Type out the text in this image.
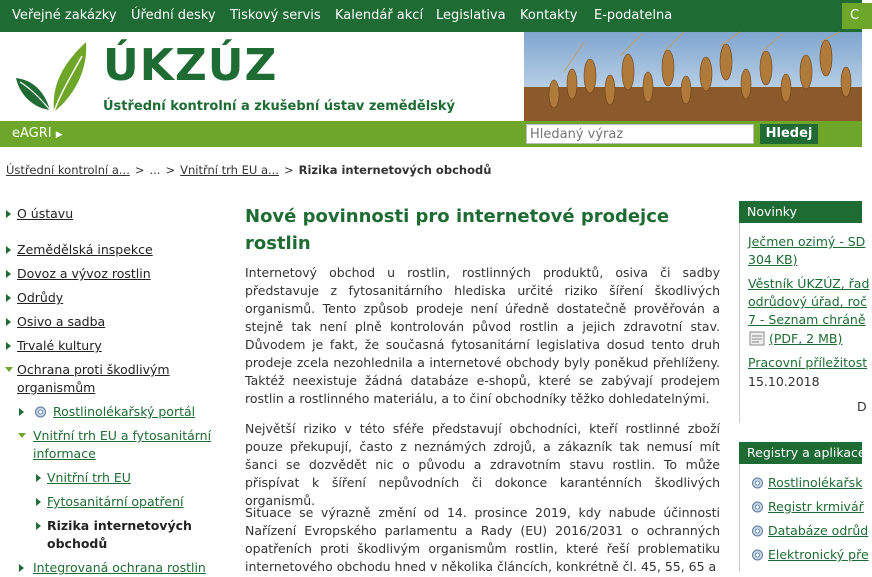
Veřejné zakázky Úřední desky Tiskový servis Kalendář akcí Legislativa Kontakty E-podatelna	C
ÚKZÚZ
Ústřední kontrolní a zkušební ústav zemědělský
eAGRI ▶
Podro
Hledaný výraz
Hledej
Ústřední kontrolní a... > ... > Vnitřní trh EU a... > Rizika internetových obchodů
O ústavu
Zemědělská inspekce
Dovoz a vývoz rostlin
Odrůdy
Osivo a sadba
Trvalé kultury
Ochrana proti škodlivým
organismům
Rostlinolékařský portál
Vnitřní trh EU a fytosanitární
informace
Vnitřní trh EU
Fytosanitární opatření
Rizika internetových
obchodů
Integrovaná ochrana rostlin
Nové povinnosti pro internetové prodejce
rostlin

Internetový obchod u rostlin, rostlinných produktů, osiva či sadby představuje z fytosanitárního hlediska určité riziko šíření škodlivých organismů. Tento způsob prodeje není úředně dostatečně prověřován a stejně tak není plně kontrolován původ rostlin a jejich zdravotní stav. Důvodem je fakt, že současná fytosanitární legislativa dosud tento druh prodeje zcela nezohlednila a internetové obchody byly poněkud přehlíženy. Taktéž neexistuje žádná databáze e-shopů, které se zabývají prodejem rostlin a rostlinného materiálu, a to činí obchodníky těžko dohledatelnými.

Největší riziko v této sféře představují obchodníci, kteří rostlinné zboží pouze překupují, často z neznámých zdrojů, a zákazník tak nemusí mít šanci se dozvědět nic o původu a zdravotním stavu rostlin. To může přispívat k šíření nepůvodních či dokonce karanténních škodlivých organismů.

Situace se výrazně změní od 14. prosince 2019, kdy nabude účinnosti Nařízení Evropského parlamentu a Rady (EU) 2016/2031 o ochranných opatřeních proti škodlivým organismům rostlin, které řeší problematiku internetového obchodu hned v několika článcích, konkrétně čl. 45, 55, 65 a

Novinky
Ječmen ozimý - SD
304 KB)
Věstník ÚKZÚZ, řad
odrůdový úřad, roč
7 - Seznam chráně
(PDF, 2 MB)
Pracovní příležitost
15.10.2018
D
Registry a aplikace
Rostlinolékařsk
Registr krmivář
Databáze odrůd
Elektronický pře
